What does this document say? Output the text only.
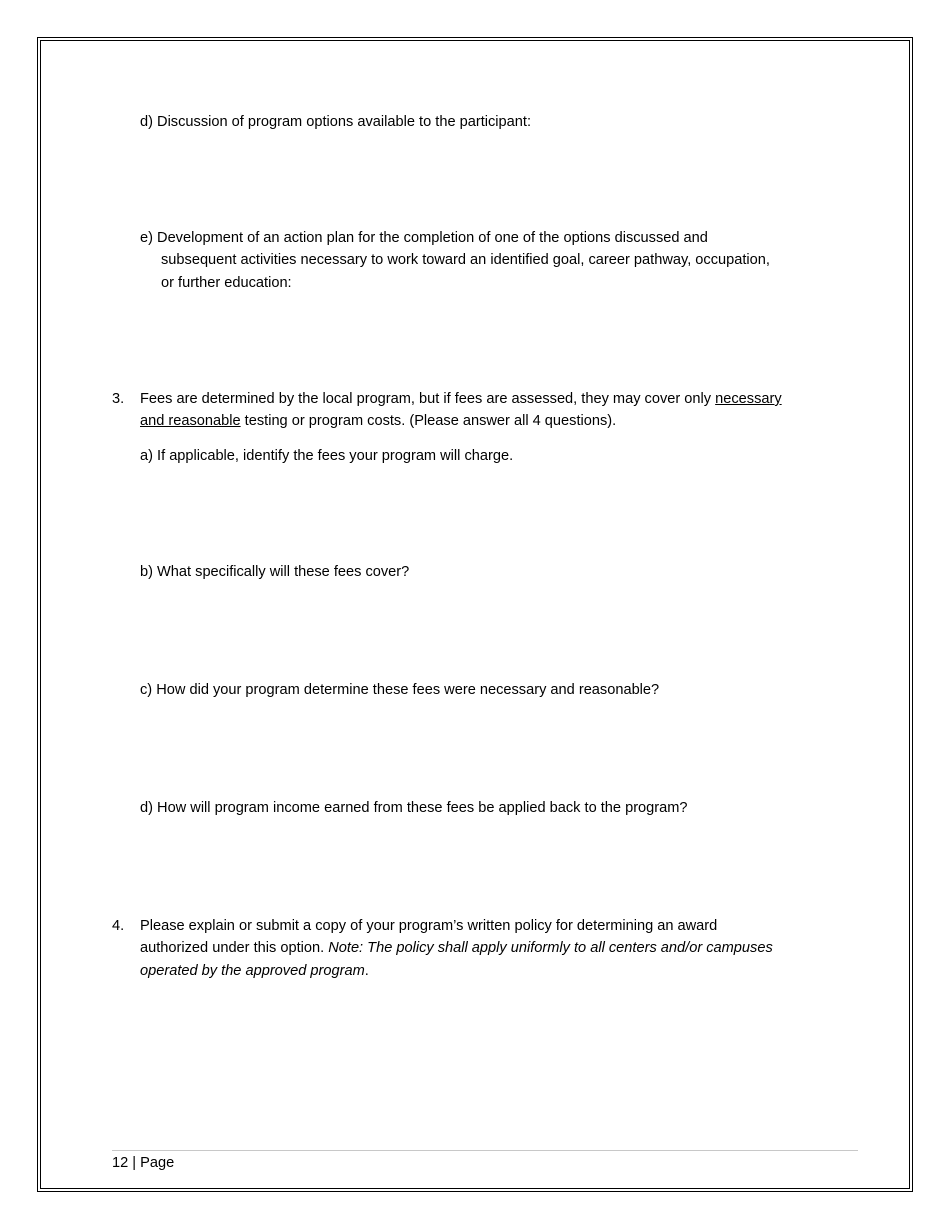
d) Discussion of program options available to the participant:
e) Development of an action plan for the completion of one of the options discussed and
subsequent activities necessary to work toward an identified goal, career pathway, occupation,
or further education:
3. Fees are determined by the local program, but if fees are assessed, they may cover only necessary
and reasonable testing or program costs. (Please answer all 4 questions).
a) If applicable, identify the fees your program will charge.
b) What specifically will these fees cover?
c) How did your program determine these fees were necessary and reasonable?
d) How will program income earned from these fees be applied back to the program?
4. Please explain or submit a copy of your program’s written policy for determining an award
authorized under this option. Note: The policy shall apply uniformly to all centers and/or campuses
operated by the approved program.
12 | Page
